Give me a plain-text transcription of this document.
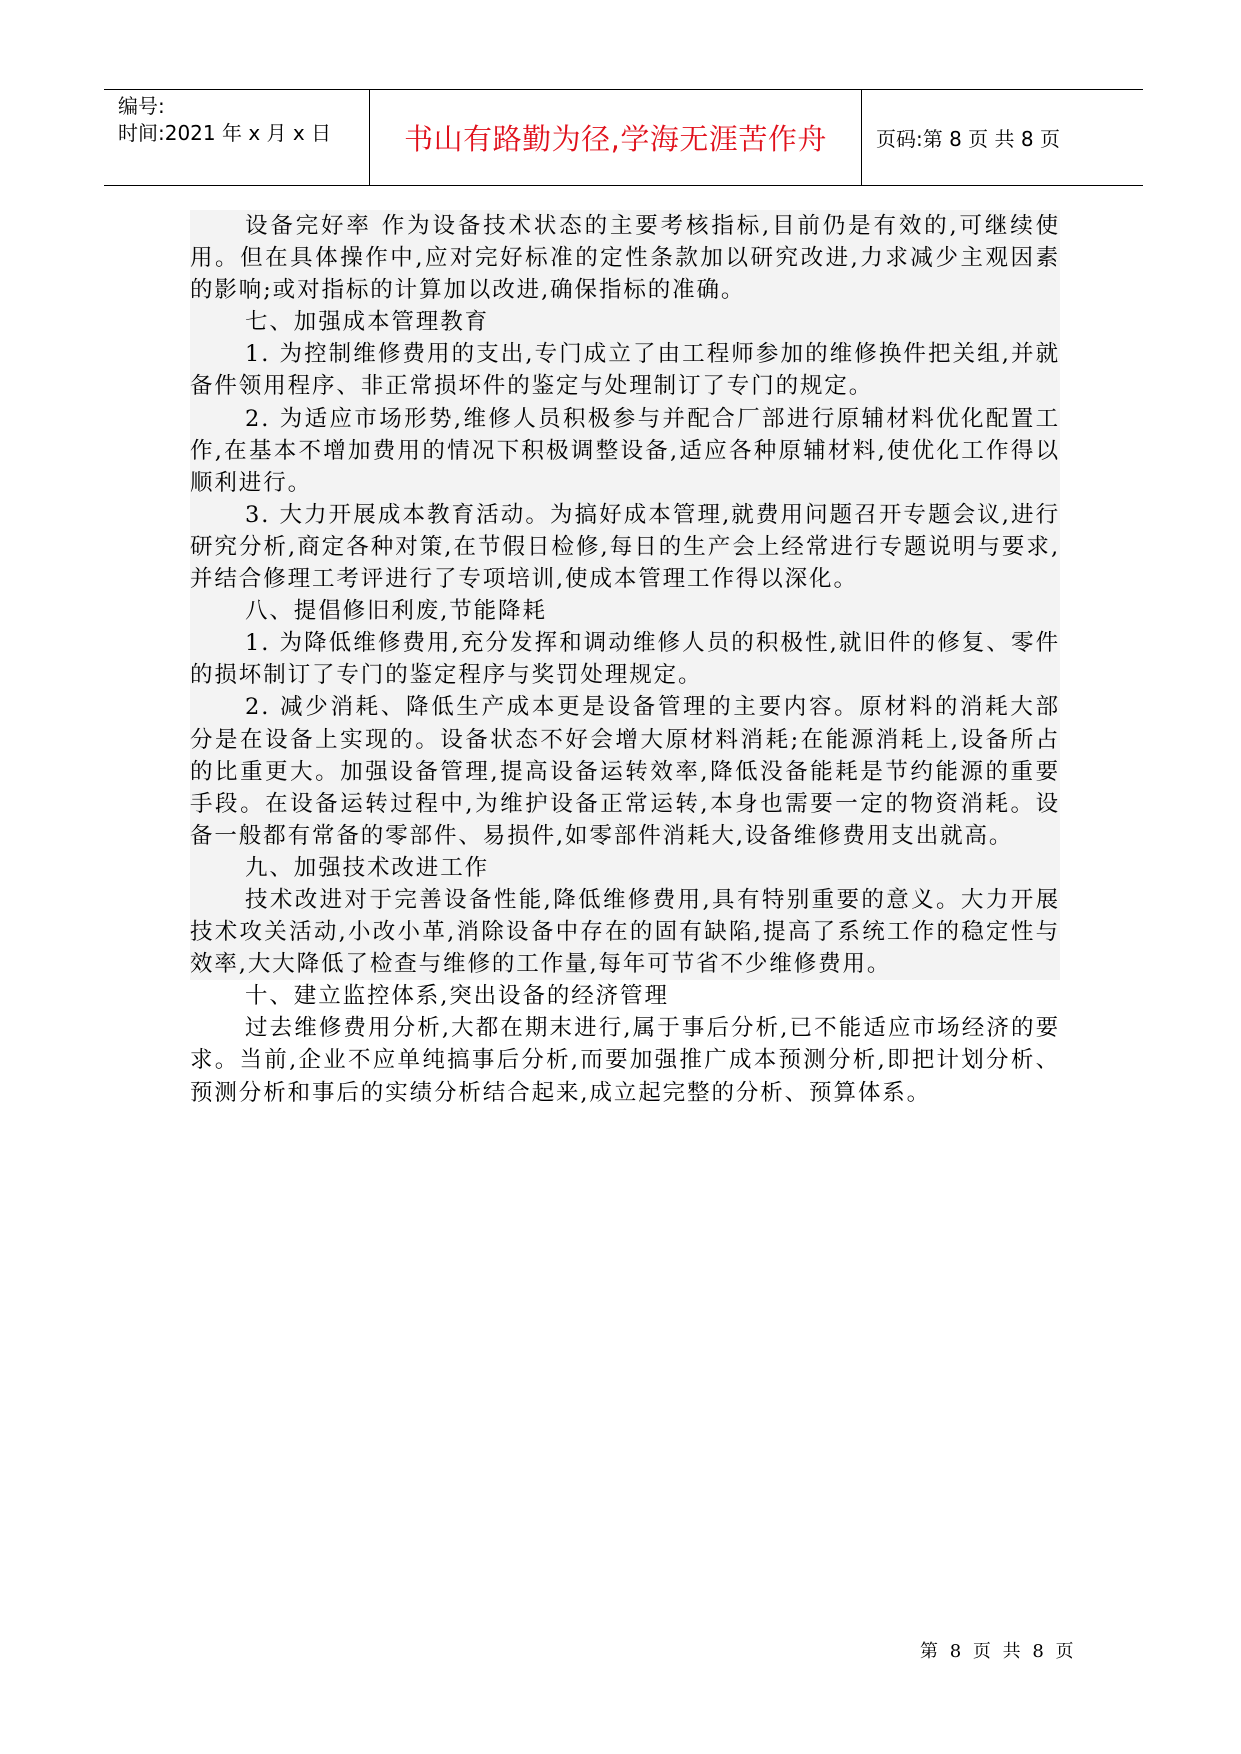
编号:
时间:2021 年 x 月 x 日	书山有路勤为径,学海无涯苦作舟 页码:第 8 页 共 8 页

设备完好率 作为设备技术状态的主要考核指标,目前仍是有效的,可继续使用。但在具体操作中,应对完好标准的定性条款加以研究改进,力求减少主观因素的影响;或对指标的计算加以改进,确保指标的准确。

七、加强成本管理教育

1. 为控制维修费用的支出,专门成立了由工程师参加的维修换件把关组,并就备件领用程序、非正常损坏件的鉴定与处理制订了专门的规定。

2. 为适应市场形势,维修人员积极参与并配合厂部进行原辅材料优化配置工作,在基本不增加费用的情况下积极调整设备,适应各种原辅材料,使优化工作得以顺利进行。

3. 大力开展成本教育活动。为搞好成本管理,就费用问题召开专题会议,进行研究分析,商定各种对策,在节假日检修,每日的生产会上经常进行专题说明与要求,并结合修理工考评进行了专项培训,使成本管理工作得以深化。

八、提倡修旧利废,节能降耗

1. 为降低维修费用,充分发挥和调动维修人员的积极性,就旧件的修复、零件的损坏制订了专门的鉴定程序与奖罚处理规定。

2. 减少消耗、降低生产成本更是设备管理的主要内容。原材料的消耗大部分是在设备上实现的。设备状态不好会增大原材料消耗;在能源消耗上,设备所占的比重更大。加强设备管理,提高设备运转效率,降低没备能耗是节约能源的重要手段。在设备运转过程中,为维护设备正常运转,本身也需要一定的物资消耗。设备一般都有常备的零部件、易损件,如零部件消耗大,设备维修费用支出就高。

九、加强技术改进工作

技术改进对于完善设备性能,降低维修费用,具有特别重要的意义。大力开展技术攻关活动,小改小革,消除设备中存在的固有缺陷,提高了系统工作的稳定性与效率,大大降低了检查与维修的工作量,每年可节省不少维修费用。

十、建立监控体系,突出设备的经济管理

过去维修费用分析,大都在期末进行,属于事后分析,已不能适应市场经济的要求。当前,企业不应单纯搞事后分析,而要加强推广成本预测分析,即把计划分析、预测分析和事后的实绩分析结合起来,成立起完整的分析、预算体系。

第 8 页 共 8 页
